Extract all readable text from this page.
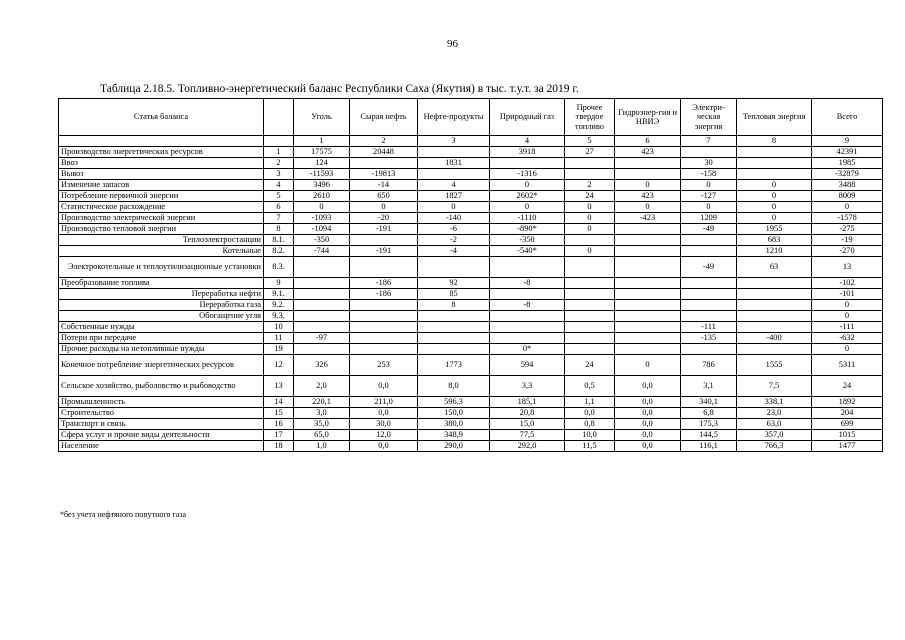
96
Таблица 2.18.5. Топливно-энергетический баланс Республики Саха (Якутия) в тыс. т.у.т. за 2019 г.
Статья баланса		Уголь	Сырая нефть	Нефте-продукты	Природный газ	Прочее твердое топливо	Гидроэнер-гия и НВИЭ	Электри-ческая энергия	Тепловая энергия	Всего
		1	2	3	4	5	6	7	8	9
Производство энергетических ресурсов	1	17575	20448		3918	27	423			42391
Ввоз	2	124		1831				30		1985
Вывоз	3	-11593	-19813		-1316			-158		-32879
Изменение запасов	4	3496	-14	4	0	2	0	0	0	3488
Потребление первичной энергии	5	2610	650	1827	2602*	24	423	-127	0	8009
Статистическое расхождение	6	0	0	0	0	0	0	0	0	0
Производство электрической энергии	7	-1093	-20	-140	-1110	0	-423	1209	0	-1578
Производство тепловой энергии	8	-1094	-191	-6	-890*	0		-49	1955	-275
Теплоэлектростанции	8.1.	-350		-2	-350				683	-19
Котельные	8.2.	-744	-191	-4	-540*	0			1210	-270
Электрокотельные и теплоутилизационные установки	8.3.							-49	63	13
Преобразование топлива	9		-186	92	-8					-102
Переработка нефти	9.1.		-186	85						-101
Переработка газа	9.2.			8	-8					0
Обогащение угля	9.3.									0
Собственные нужды	10							-111		-111
Потери при передаче	11	-97						-135	-400	-632
Прочие расходы на нетопливные нужды	19				0*					0
Конечное потребление энергетических ресурсов	12	326	253	1773	594	24	0	786	1555	5311
Сельское хозяйство, рыболовство и рыбоводство	13	2,0	0,0	8,0	3,3	0,5	0,0	3,1	7,5	24
Промышленность	14	220,1	211,0	596,3	185,1	1,1	0,0	340,1	338,1	1892
Строительство	15	3,0	0,0	150,0	20,8	0,0	0,0	6,8	23,0	204
Транспорт и связь	16	35,0	30,0	380,0	15,0	0,8	0,0	175,3	63,0	699
Сфера услуг и прочие виды деятельности	17	65,0	12,0	348,9	77,5	10,0	0,0	144,5	357,0	1015
Население	18	1,0	0,0	290,0	292,0	11,5	0,0	116,1	766,3	1477
*без учета нефтяного попутного газа
